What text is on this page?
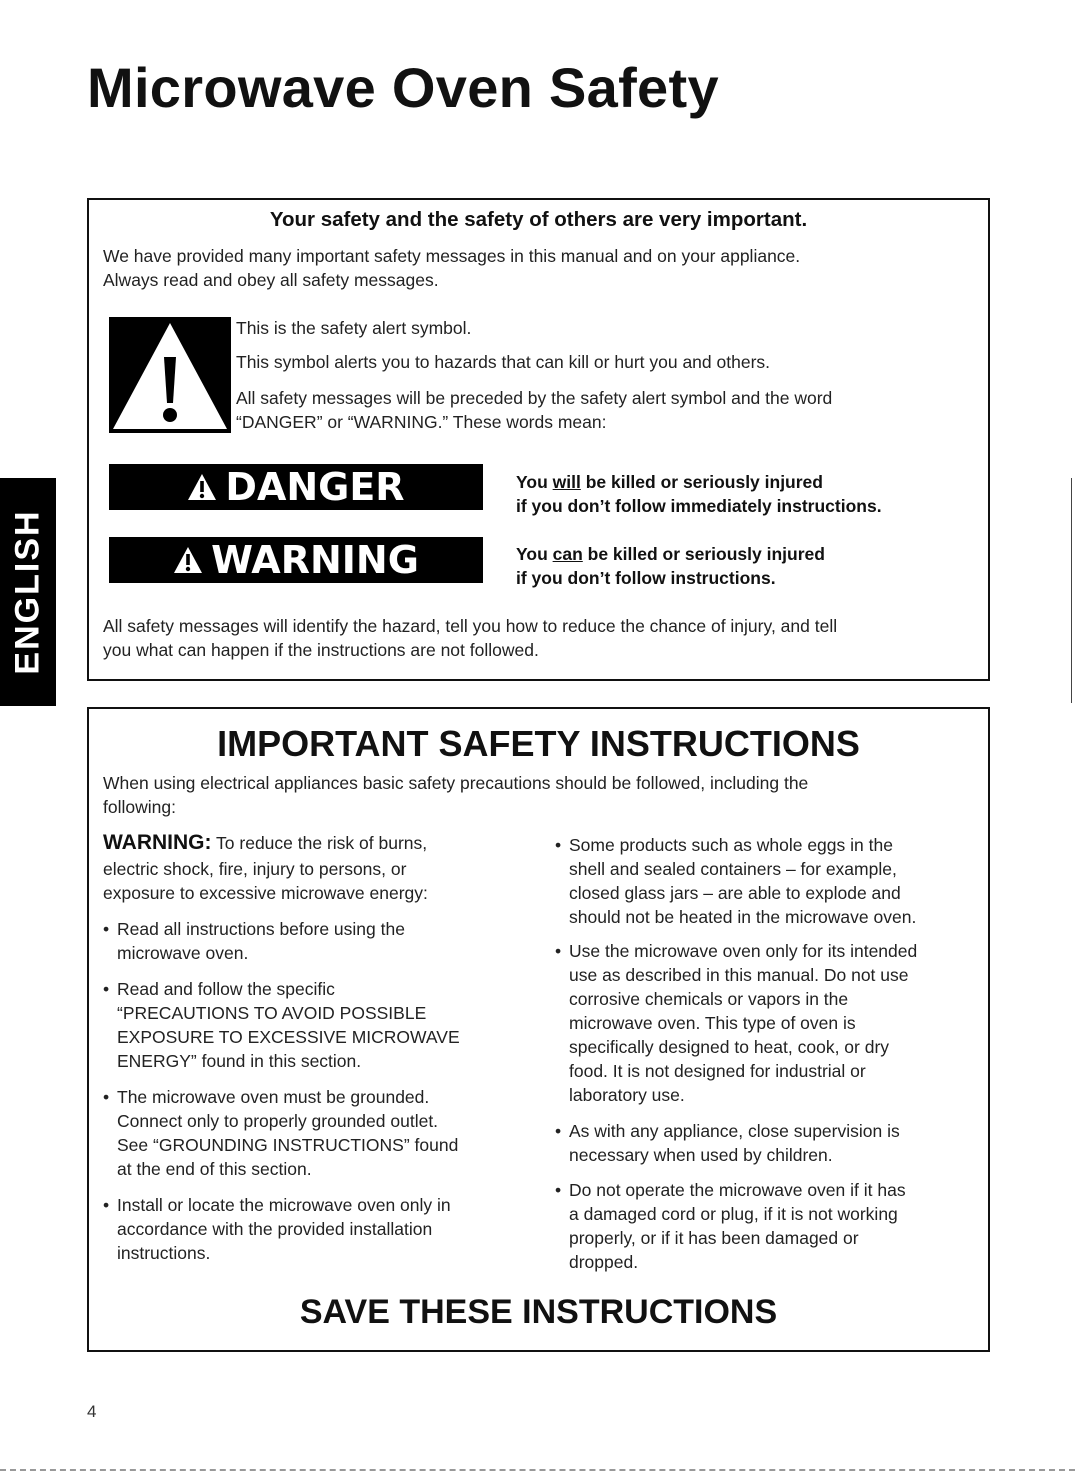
Microwave Oven Safety
ENGLISH
Your safety and the safety of others are very important.
We have provided many important safety messages in this manual and on your appliance.
Always read and obey all safety messages.
This is the safety alert symbol.
This symbol alerts you to hazards that can kill or hurt you and others.
All safety messages will be preceded by the safety alert symbol and the word
“DANGER” or “WARNING.” These words mean:
DANGER	You will be killed or seriously injured
if you don’t follow immediately instructions.
WARNING	You can be killed or seriously injured
if you don’t follow instructions.
All safety messages will identify the hazard, tell you how to reduce the chance of injury, and tell
you what can happen if the instructions are not followed.
IMPORTANT SAFETY INSTRUCTIONS
When using electrical appliances basic safety precautions should be followed, including the
following:
WARNING: To reduce the risk of burns,
electric shock, fire, injury to persons, or
exposure to excessive microwave energy:
• Read all instructions before using the
microwave oven.
• Read and follow the specific
“PRECAUTIONS TO AVOID POSSIBLE
EXPOSURE TO EXCESSIVE MICROWAVE
ENERGY” found in this section.
• The microwave oven must be grounded.
Connect only to properly grounded outlet.
See “GROUNDING INSTRUCTIONS” found
at the end of this section.
• Install or locate the microwave oven only in
accordance with the provided installation
instructions.
• Some products such as whole eggs in the
shell and sealed containers – for example,
closed glass jars – are able to explode and
should not be heated in the microwave oven.
• Use the microwave oven only for its intended
use as described in this manual. Do not use
corrosive chemicals or vapors in the
microwave oven. This type of oven is
specifically designed to heat, cook, or dry
food. It is not designed for industrial or
laboratory use.
• As with any appliance, close supervision is
necessary when used by children.
• Do not operate the microwave oven if it has
a damaged cord or plug, if it is not working
properly, or if it has been damaged or
dropped.
SAVE THESE INSTRUCTIONS
4
